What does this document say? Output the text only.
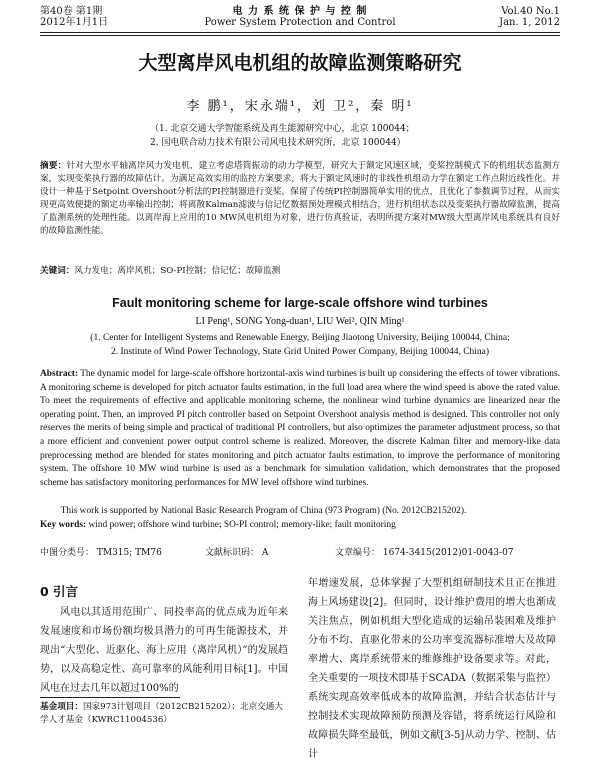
第40卷 第1期
2012年1月1日
电 力 系 统 保 护 与 控 制
Power System Protection and Control
Vol.40 No.1
Jan. 1, 2012
大型离岸风电机组的故障监测策略研究
李 鹏¹，宋永端¹，刘 卫²，秦 明¹
（1. 北京交通大学智能系统及再生能源研究中心，北京 100044；
2. 国电联合动力技术有限公司风电技术研究所，北京 100044）
摘要：针对大型水平轴离岸风力发电机，建立考虑塔筒振动的动力学模型，研究大于额定风速区域，变桨控制模式下的机组状态监测方案，实现变桨执行器的故障估计。为满足高效实用的监控方案要求，将大于额定风速时的非线性机组动力学在额定工作点附近线性化。并设计一种基于Setpoint Overshoot分析法的PI控制器进行变桨，保留了传统PI控制器简单实用的优点，且优化了参数调节过程，从而实现更高效便捷的额定功率输出控制；将离散Kalman滤波与信记忆数据预处理模式相结合，进行机组状态以及变桨执行器故障监测，提高了监测系统的处理性能。以离岸海上应用的10 MW风电机组为对象，进行仿真验证，表明所提方案对MW级大型离岸风电系统具有良好的故障监测性能。
关键词：风力发电；离岸风机；SO-PI控制；信记忆；故障监测
Fault monitoring scheme for large-scale offshore wind turbines
LI Peng¹, SONG Yong-duan¹, LIU Wei², QIN Ming¹
(1. Center for Intelligent Systems and Renewable Energy, Beijing Jiaotong University, Beijing 100044, China;
2. Institute of Wind Power Technology, State Grid United Power Company, Beijing 100044, China)
Abstract: The dynamic model for large-scale offshore horizontal-axis wind turbines is built up considering the effects of tower vibrations. A monitoring scheme is developed for pitch actuator faults estimation, in the full load area where the wind speed is above the rated value. To meet the requirements of effective and applicable monitoring scheme, the nonlinear wind turbine dynamics are linearized near the operating point. Then, an improved PI pitch controller based on Setpoint Overshoot analysis method is designed. This controller not only reserves the merits of being simple and practical of traditional PI controllers, but also optimizes the parameter adjustment process, so that a more efficient and convenient power output control scheme is realized. Moreover, the discrete Kalman filter and memory-like data preprocessing method are blended for states monitoring and pitch actuator faults estimation, to improve the performance of monitoring system. The offshore 10 MW wind turbine is used as a benchmark for simulation validation, which demonstrates that the proposed scheme has satisfactory monitoring performances for MW level offshore wind turbines.
This work is supported by National Basic Research Program of China (973 Program) (No. 2012CB215202).
Key words: wind power; offshore wind turbine; SO-PI control; memory-like; fault monitoring
中图分类号： TM315; TM76	文献标识码： A	文章编号： 1674-3415(2012)01-0043-07
0 引言

风电以其适用范围广、同投率高的优点成为近年来发展速度和市场份额均极具潜力的可再生能源技术，并现出“大型化、近驱化、海上应用（离岸风机）”的发展趋势，以及高稳定性、高可靠率的风能利用目标[1]。中国风电在过去几年以超过100%的

年增速发展，总体掌握了大型机组研制技术且正在推进海上风场建设[2]。但同时，设计维护费用的增大也渐成关注焦点，例如机组大型化造成的运输吊装困难及维护分布不均、直驱化带来的公功率变流器标准增大及故障率增大、离岸系统带来的维修维护设备要求等。对此，全关重要的一项技术即基于SCADA（数据采集与监控）系统实现高效率低成本的故障监测，并结合状态估计与控制技术实现故障预防预测及容错，将系统运行风险和故障损失降至最低，例如文献[3-5]从动力学、控制、估计

基金项目：国家973计划项目（2012CB215202）；北京交通大学人才基金（KWRC11004536）
